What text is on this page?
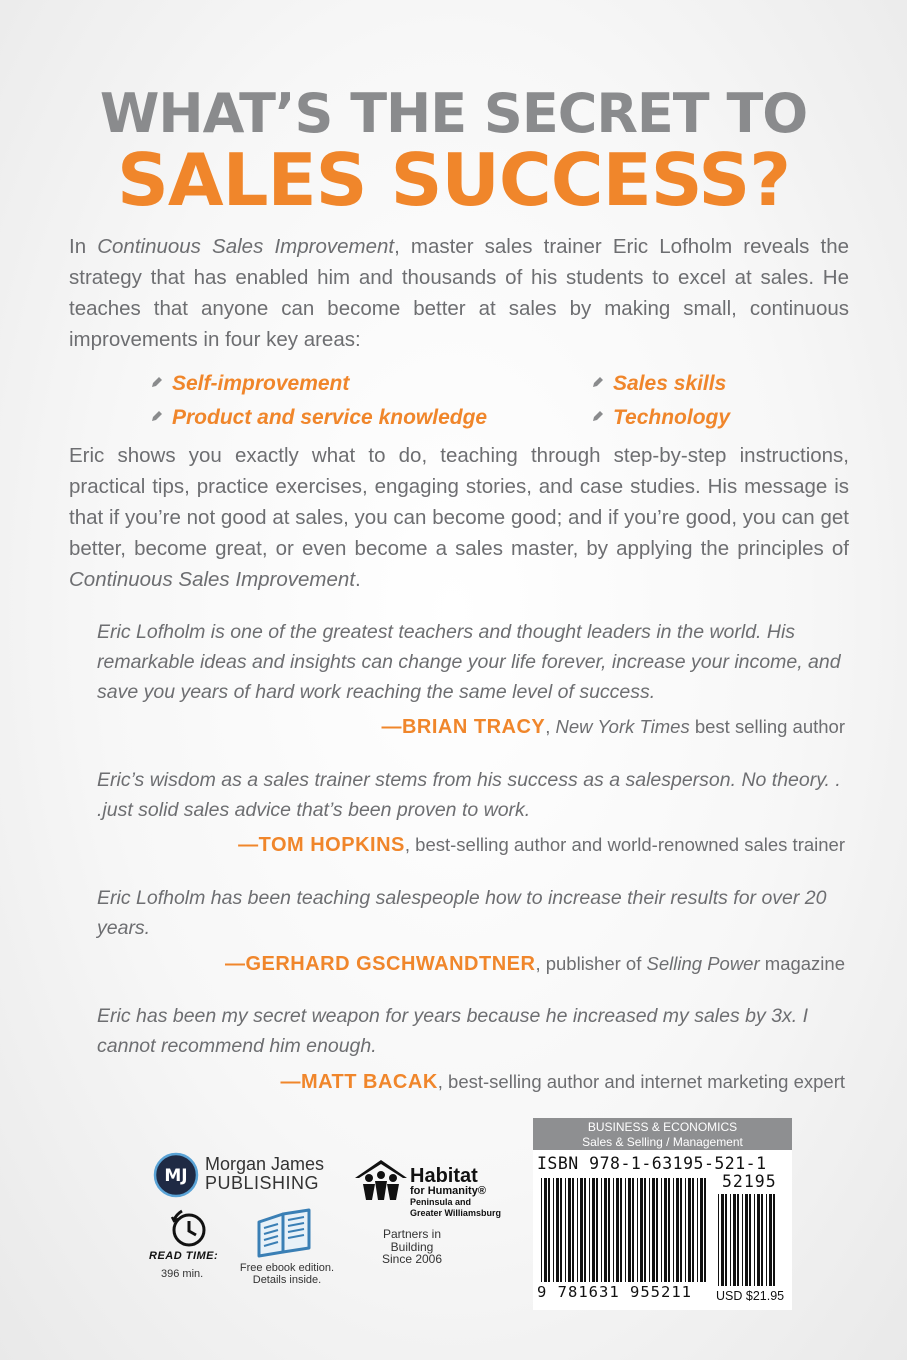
WHAT’S THE SECRET TO
SALES SUCCESS?
In Continuous Sales Improvement, master sales trainer Eric Lofholm reveals the strategy that has enabled him and thousands of his students to excel at sales. He teaches that anyone can become better at sales by making small, continuous improvements in four key areas:
Self-improvement	Sales skills
Product and service knowledge	Technology
Eric shows you exactly what to do, teaching through step-by-step instructions, practical tips, practice exercises, engaging stories, and case studies. His message is that if you’re not good at sales, you can become good; and if you’re good, you can get better, become great, or even become a sales master, by applying the principles of Continuous Sales Improvement.
Eric Lofholm is one of the greatest teachers and thought leaders in the world. His remarkable ideas and insights can change your life forever, increase your income, and save you years of hard work reaching the same level of success.
—BRIAN TRACY, New York Times best selling author
Eric’s wisdom as a sales trainer stems from his success as a salesperson. No theory. . .just solid sales advice that’s been proven to work.
—TOM HOPKINS, best-selling author and world-renowned sales trainer
Eric Lofholm has been teaching salespeople how to increase their results for over 20 years.
—GERHARD GSCHWANDTNER, publisher of Selling Power magazine
Eric has been my secret weapon for years because he increased my sales by 3x. I cannot recommend him enough.
—MATT BACAK, best-selling author and internet marketing expert
MJ
Morgan James
PUBLISHING	Habitat
for Humanity®
Peninsula and
Greater Williamsburg
Partners in Building
Since 2006
READ TIME:
396 min.	Free ebook edition.
Details inside.
BUSINESS & ECONOMICS
Sales & Selling / Management
ISBN 978-1-63195-521-1
52195
9 781631 955211 USD $21.95
